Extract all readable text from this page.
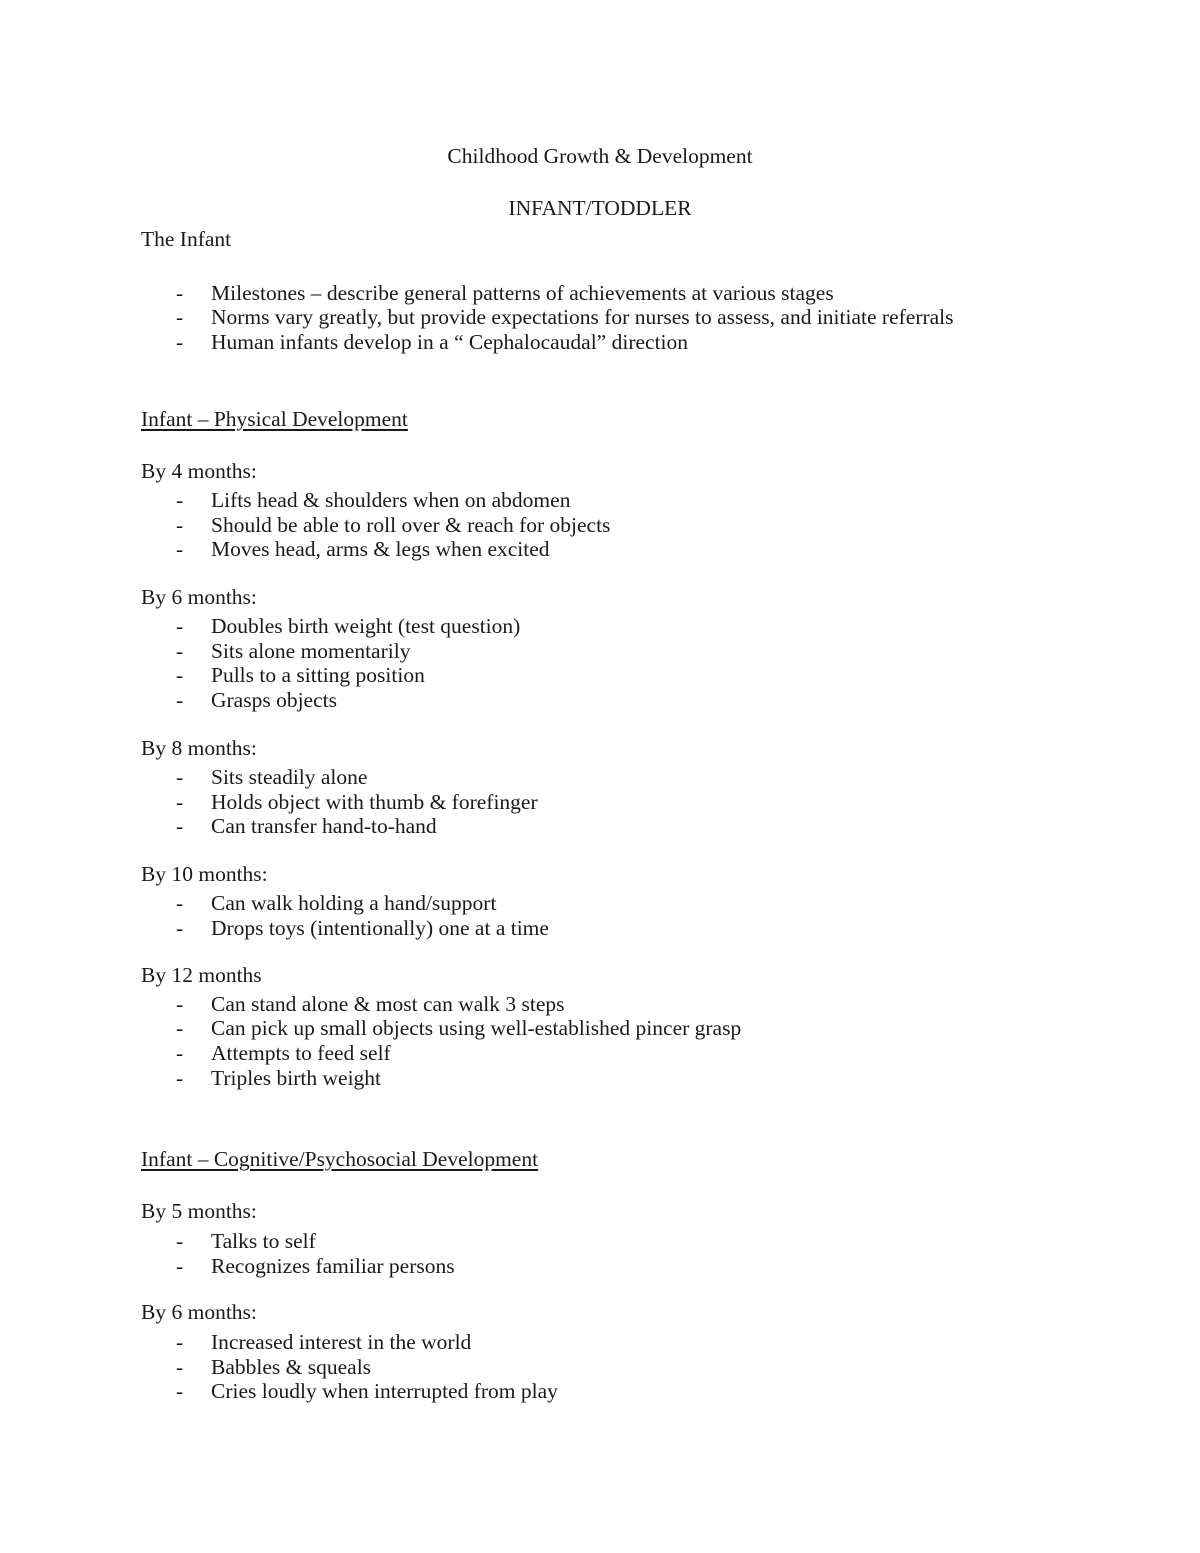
Childhood Growth & Development
INFANT/TODDLER
The Infant
- Milestones – describe general patterns of achievements at various stages
- Norms vary greatly, but provide expectations for nurses to assess, and initiate referrals
- Human infants develop in a “ Cephalocaudal” direction
Infant – Physical Development
By 4 months:
- Lifts head & shoulders when on abdomen
- Should be able to roll over & reach for objects
- Moves head, arms & legs when excited
By 6 months:
- Doubles birth weight (test question)
- Sits alone momentarily
- Pulls to a sitting position
- Grasps objects
By 8 months:
- Sits steadily alone
- Holds object with thumb & forefinger
- Can transfer hand-to-hand
By 10 months:
- Can walk holding a hand/support
- Drops toys (intentionally) one at a time
By 12 months
- Can stand alone & most can walk 3 steps
- Can pick up small objects using well-established pincer grasp
- Attempts to feed self
- Triples birth weight
Infant – Cognitive/Psychosocial Development
By 5 months:
- Talks to self
- Recognizes familiar persons
By 6 months:
- Increased interest in the world
- Babbles & squeals
- Cries loudly when interrupted from play
